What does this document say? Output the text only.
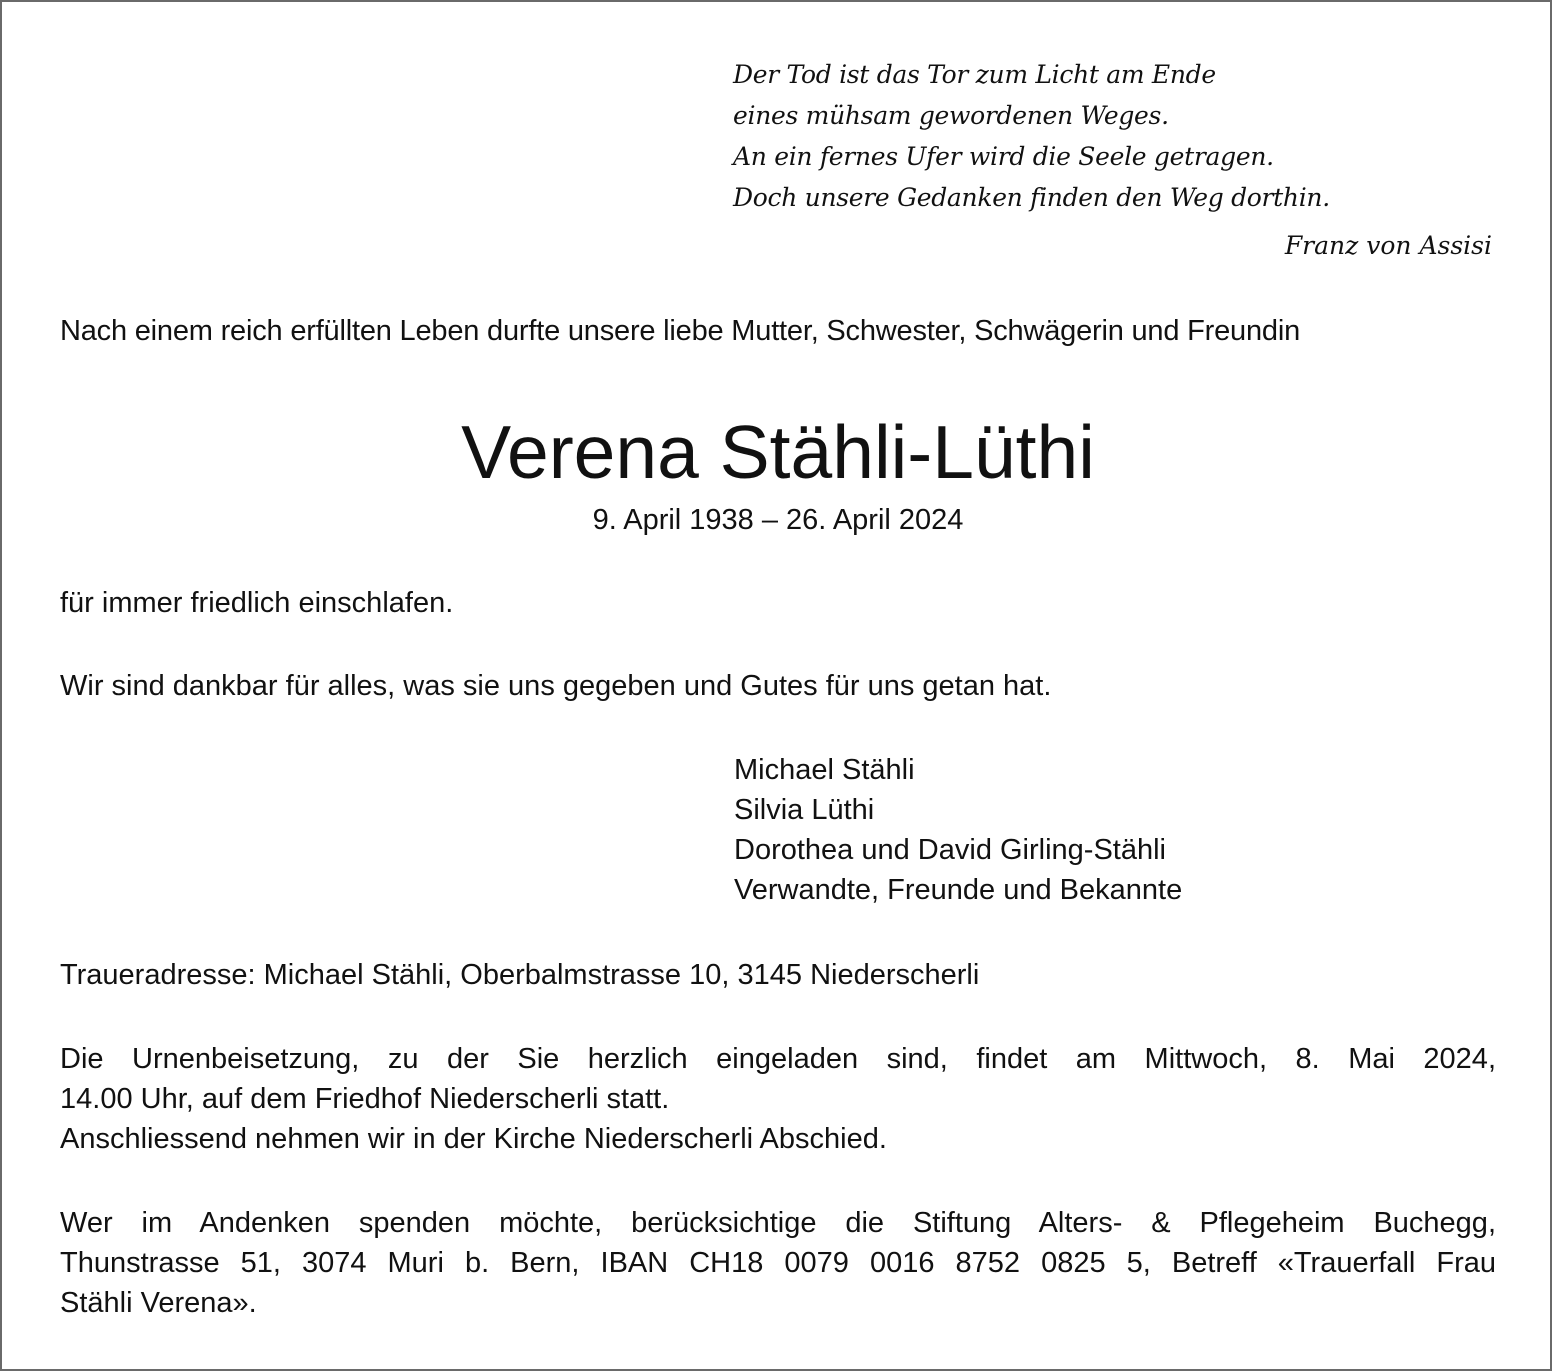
Der Tod ist das Tor zum Licht am Ende
eines mühsam gewordenen Weges.
An ein fernes Ufer wird die Seele getragen.
Doch unsere Gedanken finden den Weg dorthin.
Franz von Assisi
Nach einem reich erfüllten Leben durfte unsere liebe Mutter, Schwester, Schwägerin und Freundin
Verena Stähli-Lüthi
9. April 1938 – 26. April 2024
für immer friedlich einschlafen.
Wir sind dankbar für alles, was sie uns gegeben und Gutes für uns getan hat.
Michael Stähli
Silvia Lüthi
Dorothea und David Girling-Stähli
Verwandte, Freunde und Bekannte
Traueradresse: Michael Stähli, Oberbalmstrasse 10, 3145 Niederscherli
Die Urnenbeisetzung, zu der Sie herzlich eingeladen sind, findet am Mittwoch, 8. Mai 2024,
14.00 Uhr, auf dem Friedhof Niederscherli statt.
Anschliessend nehmen wir in der Kirche Niederscherli Abschied.
Wer im Andenken spenden möchte, berücksichtige die Stiftung Alters- & Pflegeheim Buchegg,
Thunstrasse 51, 3074 Muri b. Bern, IBAN CH18 0079 0016 8752 0825 5, Betreff «Trauerfall Frau
Stähli Verena».
